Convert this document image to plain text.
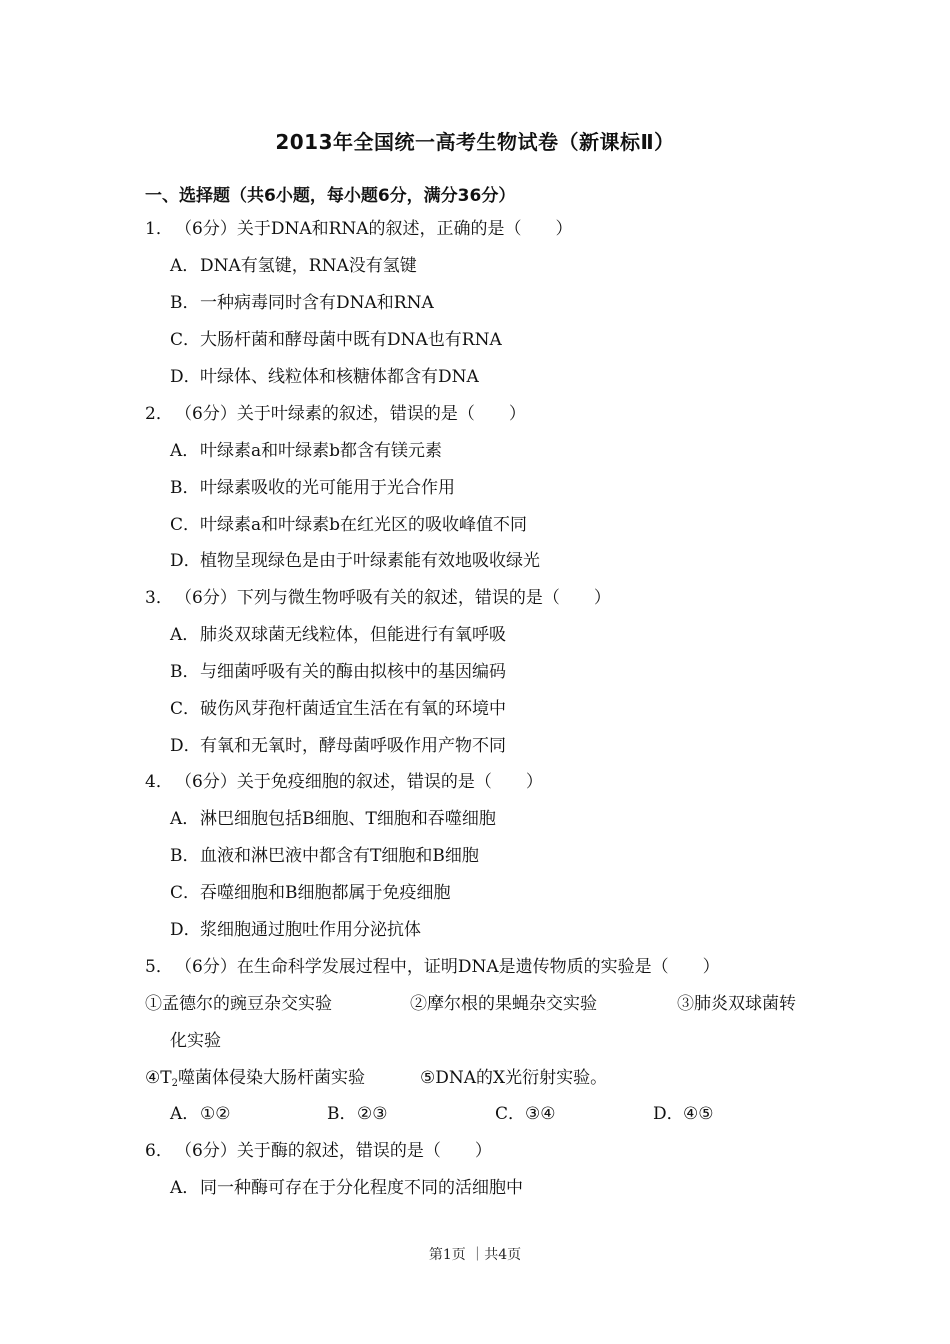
2013年全国统一高考生物试卷（新课标Ⅱ）
一、选择题（共6小题，每小题6分，满分36分）
1． （6分）关于DNA和RNA的叙述，正确的是（　　）
A．DNA有氢键，RNA没有氢键
B．一种病毒同时含有DNA和RNA
C．大肠杆菌和酵母菌中既有DNA也有RNA
D．叶绿体、线粒体和核糖体都含有DNA
2． （6分）关于叶绿素的叙述，错误的是（　　）
A．叶绿素a和叶绿素b都含有镁元素
B．叶绿素吸收的光可能用于光合作用
C．叶绿素a和叶绿素b在红光区的吸收峰值不同
D．植物呈现绿色是由于叶绿素能有效地吸收绿光
3． （6分）下列与微生物呼吸有关的叙述，错误的是（　　）
A．肺炎双球菌无线粒体，但能进行有氧呼吸
B．与细菌呼吸有关的酶由拟核中的基因编码
C．破伤风芽孢杆菌适宜生活在有氧的环境中
D．有氧和无氧时，酵母菌呼吸作用产物不同
4． （6分）关于免疫细胞的叙述，错误的是（　　）
A．淋巴细胞包括B细胞、T细胞和吞噬细胞
B．血液和淋巴液中都含有T细胞和B细胞
C．吞噬细胞和B细胞都属于免疫细胞
D．浆细胞通过胞吐作用分泌抗体
5． （6分）在生命科学发展过程中，证明DNA是遗传物质的实验是（　　）
①孟德尔的豌豆杂交实验	②摩尔根的果蝇杂交实验	③肺炎双球菌转
化实验
$④T_2$噬菌体侵染大肠杆菌实验	⑤DNA的X光衍射实验。
A．①②	B．②③	C．③④	D．④⑤
6． （6分）关于酶的叙述，错误的是（　　）
A．同一种酶可存在于分化程度不同的活细胞中
第1页 ｜共4页
